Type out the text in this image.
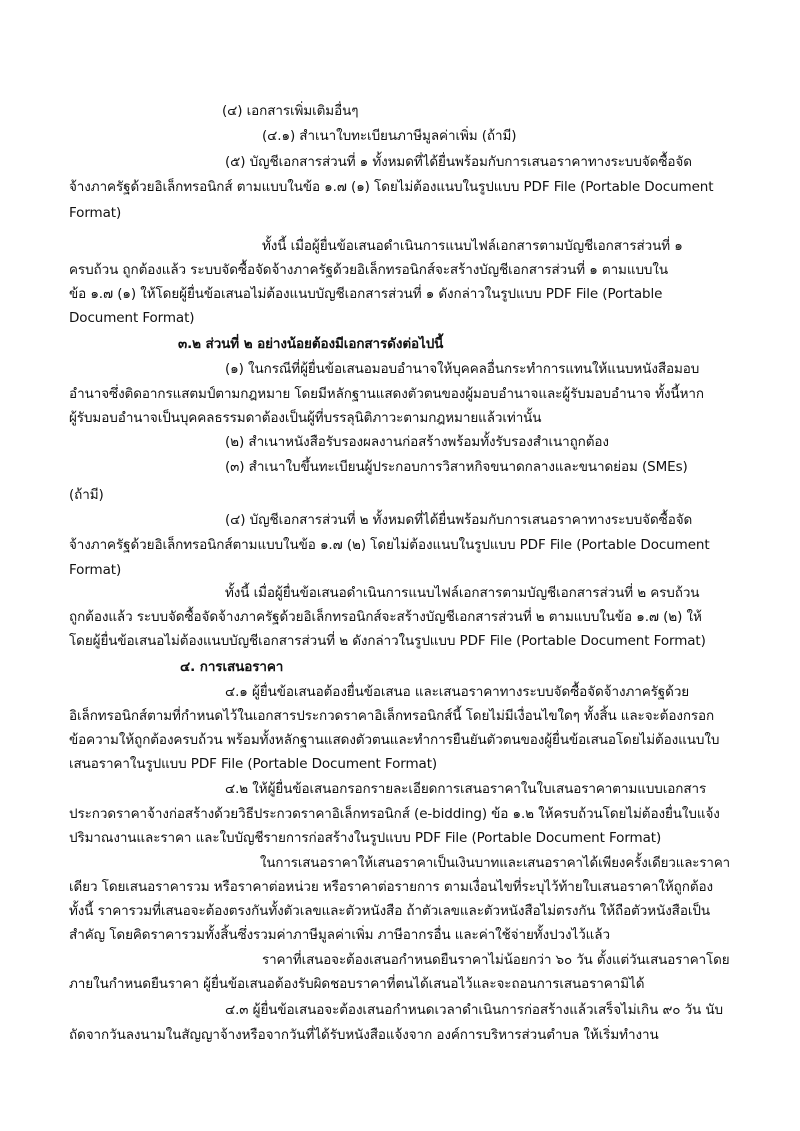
(๔) เอกสารเพิ่มเติมอื่นๆ
(๔.๑) สำเนาใบทะเบียนภาษีมูลค่าเพิ่ม (ถ้ามี)
(๕) บัญชีเอกสารส่วนที่ ๑ ทั้งหมดที่ได้ยื่นพร้อมกับการเสนอราคาทางระบบจัดซื้อจัด
จ้างภาครัฐด้วยอิเล็กทรอนิกส์ ตามแบบในข้อ ๑.๗ (๑) โดยไม่ต้องแนบในรูปแบบ PDF File (Portable Document
Format)
ทั้งนี้ เมื่อผู้ยื่นข้อเสนอดำเนินการแนบไฟล์เอกสารตามบัญชีเอกสารส่วนที่ ๑
ครบถ้วน ถูกต้องแล้ว ระบบจัดซื้อจัดจ้างภาครัฐด้วยอิเล็กทรอนิกส์จะสร้างบัญชีเอกสารส่วนที่ ๑ ตามแบบใน
ข้อ ๑.๗ (๑) ให้โดยผู้ยื่นข้อเสนอไม่ต้องแนบบัญชีเอกสารส่วนที่ ๑ ดังกล่าวในรูปแบบ PDF File (Portable
Document Format)
๓.๒ ส่วนที่ ๒ อย่างน้อยต้องมีเอกสารดังต่อไปนี้
(๑) ในกรณีที่ผู้ยื่นข้อเสนอมอบอำนาจให้บุคคลอื่นกระทำการแทนให้แนบหนังสือมอบ
อำนาจซึ่งติดอากรแสตมป์ตามกฎหมาย โดยมีหลักฐานแสดงตัวตนของผู้มอบอำนาจและผู้รับมอบอำนาจ ทั้งนี้หาก
ผู้รับมอบอำนาจเป็นบุคคลธรรมดาต้องเป็นผู้ที่บรรลุนิติภาวะตามกฎหมายแล้วเท่านั้น
(๒) สำเนาหนังสือรับรองผลงานก่อสร้างพร้อมทั้งรับรองสำเนาถูกต้อง
(๓) สำเนาใบขึ้นทะเบียนผู้ประกอบการวิสาหกิจขนาดกลางและขนาดย่อม (SMEs)
(ถ้ามี)
(๔) บัญชีเอกสารส่วนที่ ๒ ทั้งหมดที่ได้ยื่นพร้อมกับการเสนอราคาทางระบบจัดซื้อจัด
จ้างภาครัฐด้วยอิเล็กทรอนิกส์ตามแบบในข้อ ๑.๗ (๒) โดยไม่ต้องแนบในรูปแบบ PDF File (Portable Document
Format)
ทั้งนี้ เมื่อผู้ยื่นข้อเสนอดำเนินการแนบไฟล์เอกสารตามบัญชีเอกสารส่วนที่ ๒ ครบถ้วน
ถูกต้องแล้ว ระบบจัดซื้อจัดจ้างภาครัฐด้วยอิเล็กทรอนิกส์จะสร้างบัญชีเอกสารส่วนที่ ๒ ตามแบบในข้อ ๑.๗ (๒) ให้
โดยผู้ยื่นข้อเสนอไม่ต้องแนบบัญชีเอกสารส่วนที่ ๒ ดังกล่าวในรูปแบบ PDF File (Portable Document Format)
๔. การเสนอราคา
๔.๑ ผู้ยื่นข้อเสนอต้องยื่นข้อเสนอ และเสนอราคาทางระบบจัดซื้อจัดจ้างภาครัฐด้วย
อิเล็กทรอนิกส์ตามที่กำหนดไว้ในเอกสารประกวดราคาอิเล็กทรอนิกส์นี้ โดยไม่มีเงื่อนไขใดๆ ทั้งสิ้น และจะต้องกรอก
ข้อความให้ถูกต้องครบถ้วน พร้อมทั้งหลักฐานแสดงตัวตนและทำการยืนยันตัวตนของผู้ยื่นข้อเสนอโดยไม่ต้องแนบใบ
เสนอราคาในรูปแบบ PDF File (Portable Document Format)
๔.๒ ให้ผู้ยื่นข้อเสนอกรอกรายละเอียดการเสนอราคาในใบเสนอราคาตามแบบเอกสาร
ประกวดราคาจ้างก่อสร้างด้วยวิธีประกวดราคาอิเล็กทรอนิกส์ (e-bidding) ข้อ ๑.๒ ให้ครบถ้วนโดยไม่ต้องยื่นใบแจ้ง
ปริมาณงานและราคา และใบบัญชีรายการก่อสร้างในรูปแบบ PDF File (Portable Document Format)
ในการเสนอราคาให้เสนอราคาเป็นเงินบาทและเสนอราคาได้เพียงครั้งเดียวและราคา
เดียว โดยเสนอราคารวม หรือราคาต่อหน่วย หรือราคาต่อรายการ ตามเงื่อนไขที่ระบุไว้ท้ายใบเสนอราคาให้ถูกต้อง
ทั้งนี้ ราคารวมที่เสนอจะต้องตรงกันทั้งตัวเลขและตัวหนังสือ ถ้าตัวเลขและตัวหนังสือไม่ตรงกัน ให้ถือตัวหนังสือเป็น
สำคัญ โดยคิดราคารวมทั้งสิ้นซึ่งรวมค่าภาษีมูลค่าเพิ่ม ภาษีอากรอื่น และค่าใช้จ่ายทั้งปวงไว้แล้ว
ราคาที่เสนอจะต้องเสนอกำหนดยืนราคาไม่น้อยกว่า ๖๐ วัน ตั้งแต่วันเสนอราคาโดย
ภายในกำหนดยืนราคา ผู้ยื่นข้อเสนอต้องรับผิดชอบราคาที่ตนได้เสนอไว้และจะถอนการเสนอราคามิได้
๔.๓ ผู้ยื่นข้อเสนอจะต้องเสนอกำหนดเวลาดำเนินการก่อสร้างแล้วเสร็จไม่เกิน ๙๐ วัน นับ
ถัดจากวันลงนามในสัญญาจ้างหรือจากวันที่ได้รับหนังสือแจ้งจาก องค์การบริหารส่วนตำบล ให้เริ่มทำงาน
